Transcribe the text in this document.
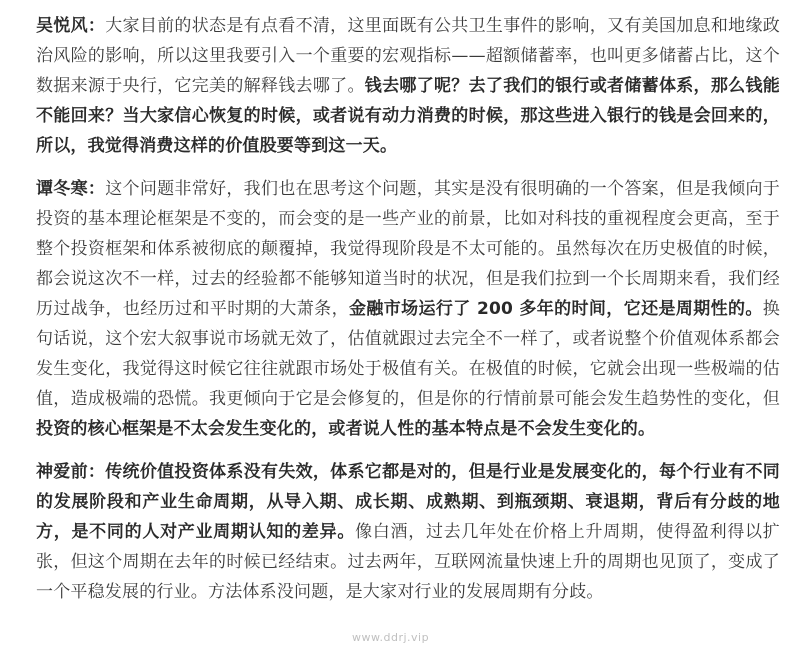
吴悦风：大家目前的状态是有点看不清，这里面既有公共卫生事件的影响，又有美国加息和地缘政治风险的影响，所以这里我要引入一个重要的宏观指标——超额储蓄率，也叫更多储蓄占比，这个数据来源于央行，它完美的解释钱去哪了。钱去哪了呢？去了我们的银行或者储蓄体系，那么钱能不能回来？当大家信心恢复的时候，或者说有动力消费的时候，那这些进入银行的钱是会回来的，所以，我觉得消费这样的价值股要等到这一天。

谭冬寒：这个问题非常好，我们也在思考这个问题，其实是没有很明确的一个答案，但是我倾向于投资的基本理论框架是不变的，而会变的是一些产业的前景，比如对科技的重视程度会更高，至于整个投资框架和体系被彻底的颠覆掉，我觉得现阶段是不太可能的。虽然每次在历史极值的时候，都会说这次不一样，过去的经验都不能够知道当时的状况，但是我们拉到一个长周期来看，我们经历过战争，也经历过和平时期的大萧条，金融市场运行了 200 多年的时间，它还是周期性的。换句话说，这个宏大叙事说市场就无效了，估值就跟过去完全不一样了，或者说整个价值观体系都会发生变化，我觉得这时候它往往就跟市场处于极值有关。在极值的时候，它就会出现一些极端的估值，造成极端的恐慌。我更倾向于它是会修复的，但是你的行情前景可能会发生趋势性的变化，但投资的核心框架是不太会发生变化的，或者说人性的基本特点是不会发生变化的。

神爱前：传统价值投资体系没有失效，体系它都是对的，但是行业是发展变化的，每个行业有不同的发展阶段和产业生命周期，从导入期、成长期、成熟期、到瓶颈期、衰退期，背后有分歧的地方，是不同的人对产业周期认知的差异。像白酒，过去几年处在价格上升周期，使得盈利得以扩张，但这个周期在去年的时候已经结束。过去两年，互联网流量快速上升的周期也见顶了，变成了一个平稳发展的行业。方法体系没问题，是大家对行业的发展周期有分歧。

www.ddrj.vip
